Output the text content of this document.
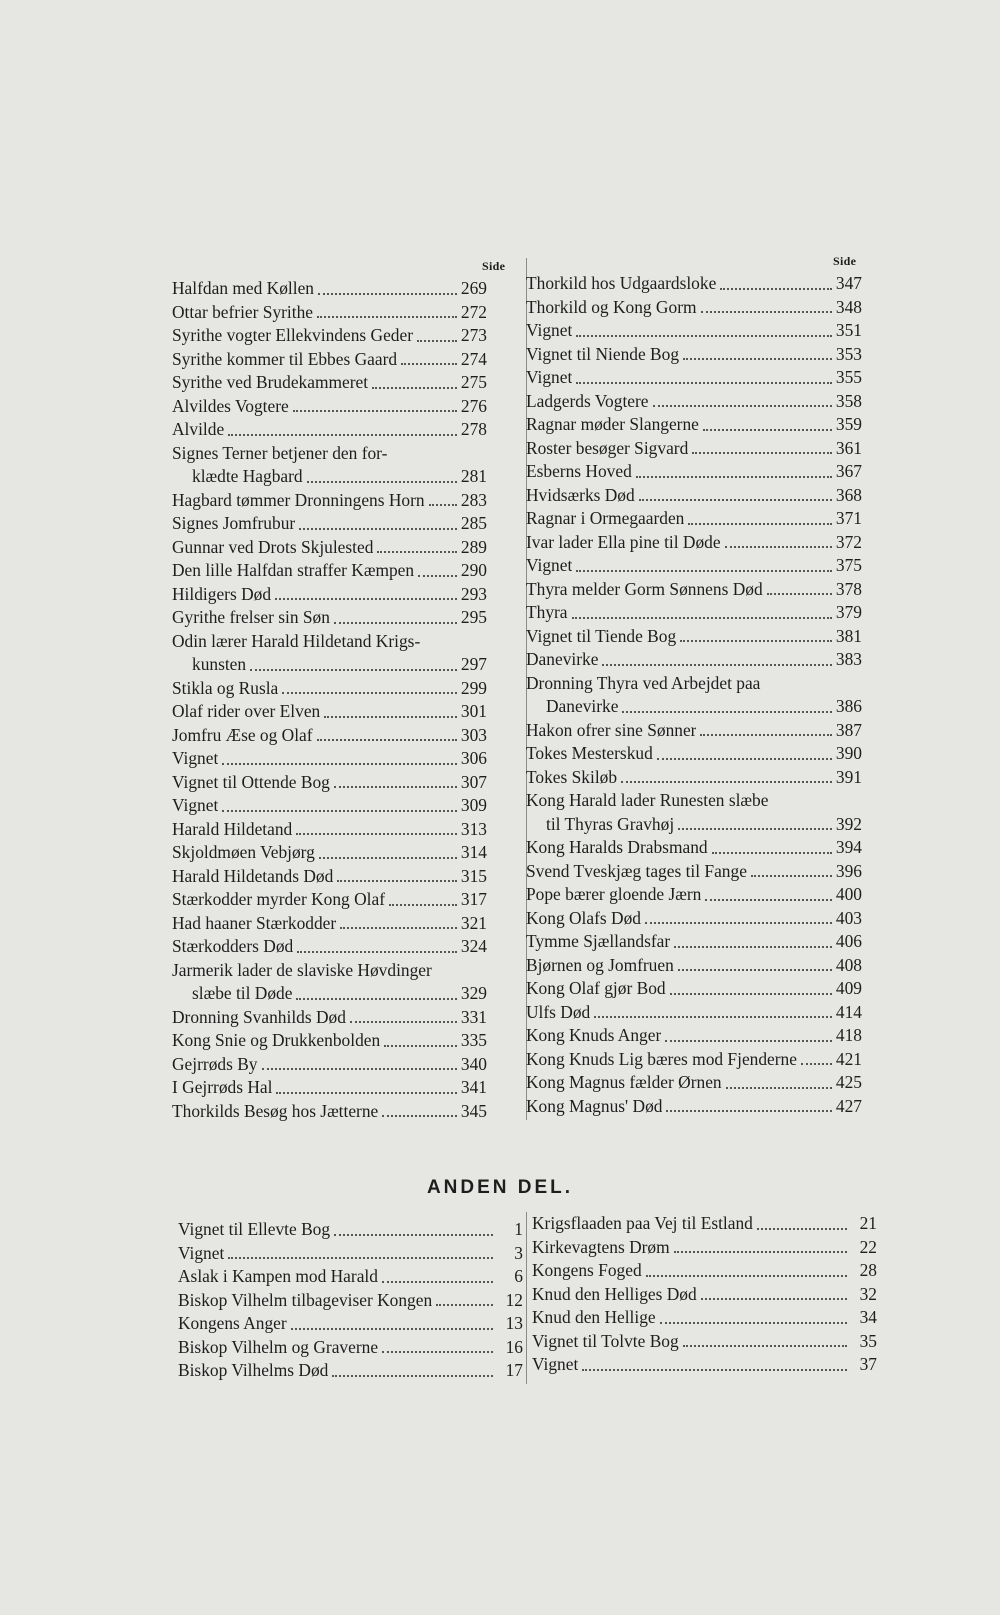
Side	Side
Halfdan med Køllen	269
Ottar befrier Syrithe	272
Syrithe vogter Ellekvindens Geder	273
Syrithe kommer til Ebbes Gaard	274
Syrithe ved Brudekammeret	275
Alvildes Vogtere	276
Alvilde	278
Signes Terner betjener den for-
klædte Hagbard	281
Hagbard tømmer Dronningens Horn 283
Signes Jomfrubur	285
Gunnar ved Drots Skjulested	289
Den lille Halfdan straffer Kæmpen	290
Hildigers Død	293
Gyrithe frelser sin Søn	295
Odin lærer Harald Hildetand Krigs-
kunsten	297
Stikla og Rusla	299
Olaf rider over Elven	301
Jomfru Æse og Olaf	303
Vignet	306
Vignet til Ottende Bog	307
Vignet	309
Harald Hildetand	313
Skjoldmøen Vebjørg	314
Harald Hildetands Død	315
Stærkodder myrder Kong Olaf	317
Had haaner Stærkodder	321
Stærkodders Død	324
Jarmerik lader de slaviske Høvdinger
slæbe til Døde	329
Dronning Svanhilds Død	331
Kong Snie og Drukkenbolden	335
Gejrrøds By	340
I Gejrrøds Hal	341
Thorkilds Besøg hos Jætterne	345
Thorkild hos Udgaardsloke	347
Thorkild og Kong Gorm	348
Vignet	351
Vignet til Niende Bog	353
Vignet	355
Ladgerds Vogtere	358
Ragnar møder Slangerne	359
Roster besøger Sigvard	361
Esberns Hoved	367
Hvidsærks Død	368
Ragnar i Ormegaarden	371
Ivar lader Ella pine til Døde	372
Vignet	375
Thyra melder Gorm Sønnens Død	378
Thyra	379
Vignet til Tiende Bog	381
Danevirke	383
Dronning Thyra ved Arbejdet paa
Danevirke	386
Hakon ofrer sine Sønner	387
Tokes Mesterskud	390
Tokes Skiløb	391
Kong Harald lader Runesten slæbe
til Thyras Gravhøj	392
Kong Haralds Drabsmand	394
Svend Tveskjæg tages til Fange	396
Pope bærer gloende Jærn	400
Kong Olafs Død	403
Tymme Sjællandsfar	406
Bjørnen og Jomfruen	408
Kong Olaf gjør Bod	409
Ulfs Død	414
Kong Knuds Anger	418
Kong Knuds Lig bæres mod Fjenderne 421
Kong Magnus fælder Ørnen	425
Kong Magnus' Død	427
ANDEN DEL.
Vignet til Ellevte Bog	1
Vignet	3
Aslak i Kampen mod Harald	6
Biskop Vilhelm tilbageviser Kongen	12
Kongens Anger	13
Biskop Vilhelm og Graverne	16
Biskop Vilhelms Død	17
Krigsflaaden paa Vej til Estland	21
Kirkevagtens Drøm	22
Kongens Foged	28
Knud den Helliges Død	32
Knud den Hellige	34
Vignet til Tolvte Bog	35
Vignet	37
